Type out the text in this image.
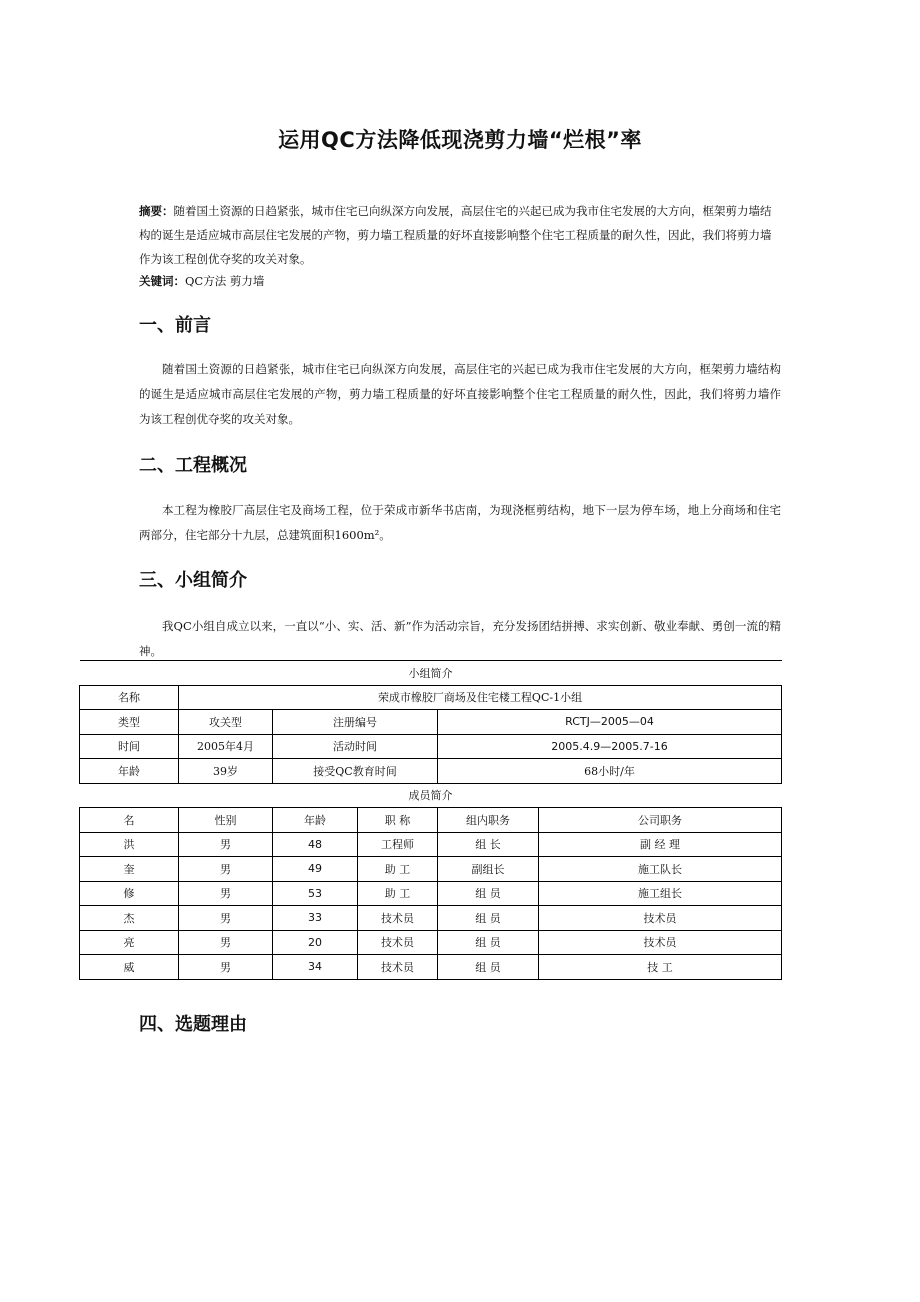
运用QC方法降低现浇剪力墙“烂根”率
摘要：随着国土资源的日趋紧张，城市住宅已向纵深方向发展，高层住宅的兴起已成为我市住宅发展的大方向，框架剪力墙结构的诞生是适应城市高层住宅发展的产物，剪力墙工程质量的好坏直接影响整个住宅工程质量的耐久性，因此，我们将剪力墙作为该工程创优夺奖的攻关对象。
关键词：QC方法 剪力墙
一、前言
随着国土资源的日趋紧张，城市住宅已向纵深方向发展，高层住宅的兴起已成为我市住宅发展的大方向，框架剪力墙结构的诞生是适应城市高层住宅发展的产物，剪力墙工程质量的好坏直接影响整个住宅工程质量的耐久性，因此，我们将剪力墙作为该工程创优夺奖的攻关对象。
二、工程概况
本工程为橡胶厂高层住宅及商场工程，位于荣成市新华书店南，为现浇框剪结构，地下一层为停车场，地上分商场和住宅两部分，住宅部分十九层，总建筑面积1600m²。
三、小组简介
我QC小组自成立以来，一直以“小、实、活、新”作为活动宗旨，充分发扬团结拼搏、求实创新、敬业奉献、勇创一流的精神。
小组简介					
名称	荣成市橡胶厂商场及住宅楼工程QC-1小组				
类型	攻关型	注册编号		RCTJ—2005—04	
时间	2005年4月	活动时间		2005.4.9—2005.7-16	
年龄	39岁	接受QC教育时间		68小时/年	
成员简介					
名	性别	年龄	职 称	组内职务	公司职务
洪	男	48	工程师	组 长	副 经 理
奎	男	49	助 工	副组长	施工队长
修	男	53	助 工	组 员	施工组长
杰	男	33	技术员	组 员	技术员
亮	男	20	技术员	组 员	技术员
威	男	34	技术员	组 员	技 工
四、选题理由
